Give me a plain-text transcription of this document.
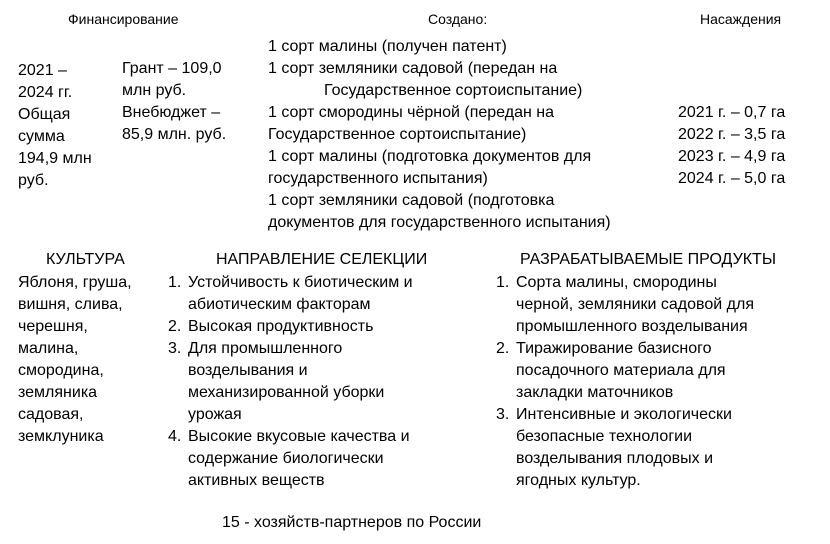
Финансирование	Создано:	Насаждения
2021 –
2024 гг.
Общая
сумма
194,9 млн
руб.
Грант – 109,0
млн руб.
Внебюджет –
85,9 млн. руб.
1 сорт малины (получен патент)
1 сорт земляники садовой (передан на
Государственное сортоиспытание)
1 сорт смородины чёрной (передан на
Государственное сортоиспытание)
1 сорт малины (подготовка документов для
государственного испытания)
1 сорт земляники садовой (подготовка
документов для государственного испытания)
2021 г. – 0,7 га
2022 г. – 3,5 га
2023 г. – 4,9 га
2024 г. – 5,0 га
КУЛЬТУРА
Яблоня, груша,
вишня, слива,
черешня,
малина,
смородина,
земляника
садовая,
земклуника
НАПРАВЛЕНИЕ СЕЛЕКЦИИ
1. Устойчивость к биотическим и
абиотическим факторам
2. Высокая продуктивность
3. Для промышленного
возделывания и
механизированной уборки
урожая
4. Высокие вкусовые качества и
содержание биологически
активных веществ
РАЗРАБАТЫВАЕМЫЕ ПРОДУКТЫ
1. Сорта малины, смородины
черной, земляники садовой для
промышленного возделывания
2. Тиражирование базисного
посадочного материала для
закладки маточников
3. Интенсивные и экологически
безопасные технологии
возделывания плодовых и
ягодных культур.
15 - хозяйств-партнеров по России
